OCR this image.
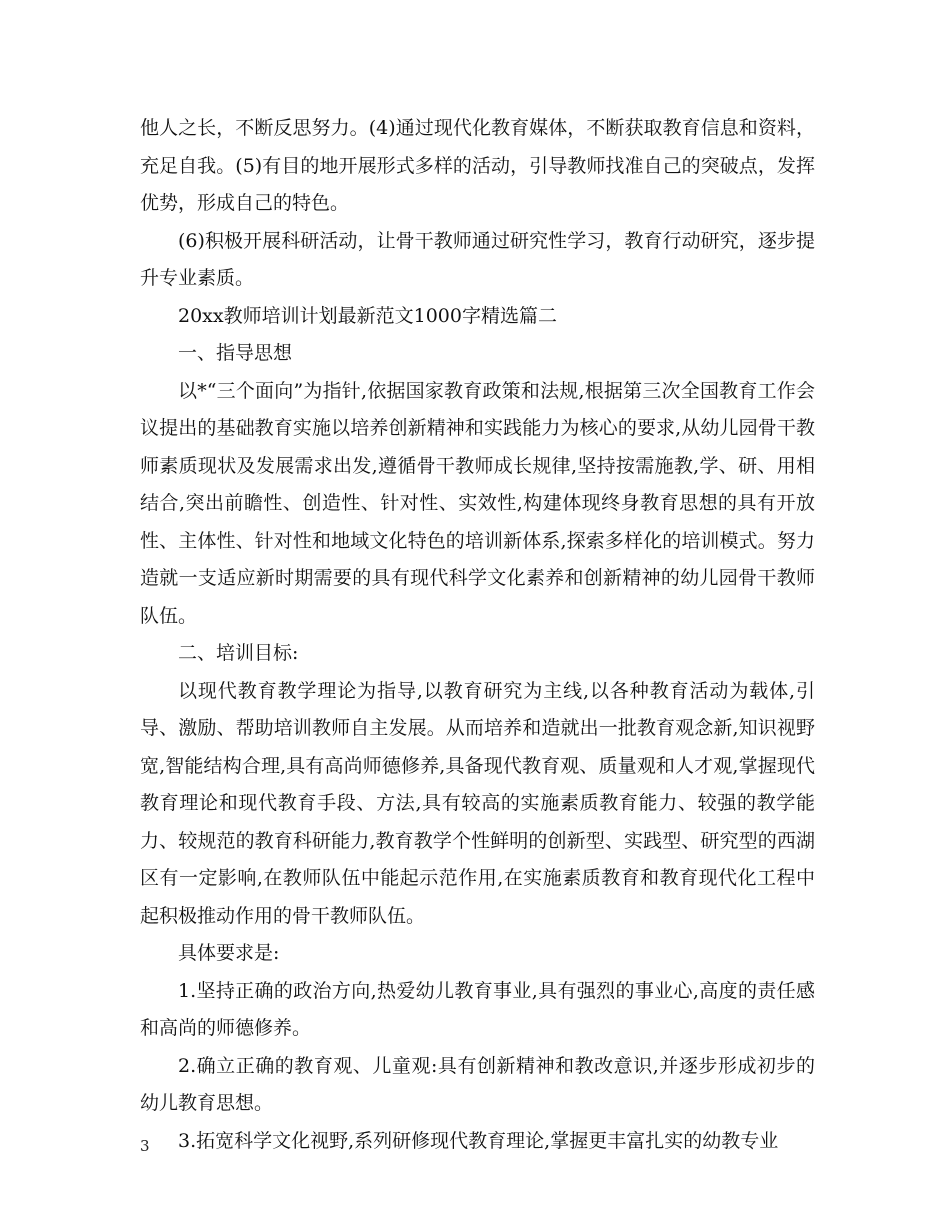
他人之长，不断反思努力。(4)通过现代化教育媒体，不断获取教育信息和资料，充足自我。(5)有目的地开展形式多样的活动，引导教师找准自己的突破点，发挥优势，形成自己的特色。

(6)积极开展科研活动，让骨干教师通过研究性学习，教育行动研究，逐步提升专业素质。

20xx教师培训计划最新范文1000字精选篇二

一、指导思想

以*“三个面向”为指针,依据国家教育政策和法规,根据第三次全国教育工作会议提出的基础教育实施以培养创新精神和实践能力为核心的要求,从幼儿园骨干教师素质现状及发展需求出发,遵循骨干教师成长规律,坚持按需施教,学、研、用相结合,突出前瞻性、创造性、针对性、实效性,构建体现终身教育思想的具有开放性、主体性、针对性和地域文化特色的培训新体系,探索多样化的培训模式。努力造就一支适应新时期需要的具有现代科学文化素养和创新精神的幼儿园骨干教师队伍。

二、培训目标:

以现代教育教学理论为指导,以教育研究为主线,以各种教育活动为载体,引导、激励、帮助培训教师自主发展。从而培养和造就出一批教育观念新,知识视野宽,智能结构合理,具有高尚师德修养,具备现代教育观、质量观和人才观,掌握现代教育理论和现代教育手段、方法,具有较高的实施素质教育能力、较强的教学能力、较规范的教育科研能力,教育教学个性鲜明的创新型、实践型、研究型的西湖区有一定影响,在教师队伍中能起示范作用,在实施素质教育和教育现代化工程中起积极推动作用的骨干教师队伍。

具体要求是:

1.坚持正确的政治方向,热爱幼儿教育事业,具有强烈的事业心,高度的责任感和高尚的师德修养。

2.确立正确的教育观、儿童观:具有创新精神和教改意识,并逐步形成初步的幼儿教育思想。

3.拓宽科学文化视野,系列研修现代教育理论,掌握更丰富扎实的幼教专业

3
